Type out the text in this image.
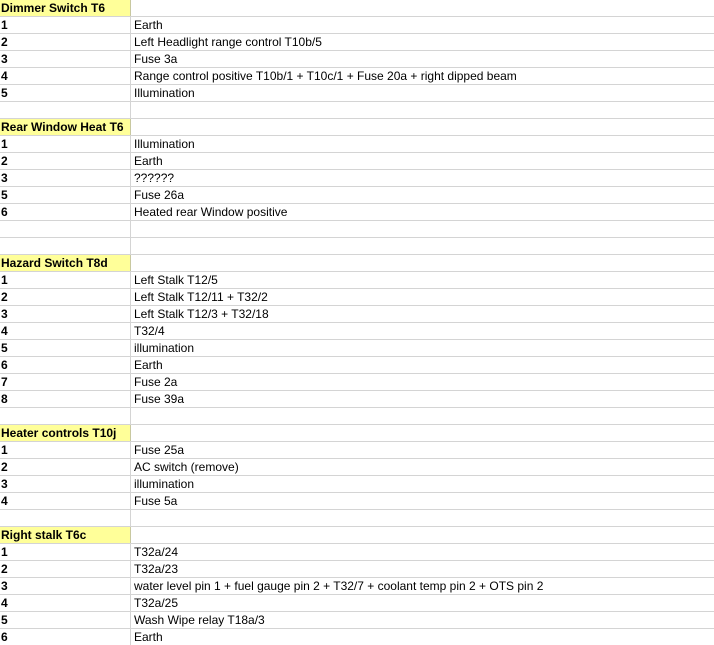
Dimmer Switch T6
1	Earth
2	Left Headlight range control T10b/5
3	Fuse 3a
4	Range control positive T10b/1 + T10c/1 + Fuse 20a + right dipped beam
5	Illumination
Rear Window Heat T6
1	Illumination
2	Earth
3	??????
5	Fuse 26a
6	Heated rear Window positive
Hazard Switch T8d
1	Left Stalk T12/5
2	Left Stalk T12/11 + T32/2
3	Left Stalk T12/3 + T32/18
4	T32/4
5	illumination
6	Earth
7	Fuse 2a
8	Fuse 39a
Heater controls T10j
1	Fuse 25a
2	AC switch (remove)
3	illumination
4	Fuse 5a
Right stalk T6c
1	T32a/24
2	T32a/23
3	water level pin 1 + fuel gauge pin 2 + T32/7 + coolant temp pin 2 + OTS pin 2
4	T32a/25
5	Wash Wipe relay T18a/3
6	Earth
